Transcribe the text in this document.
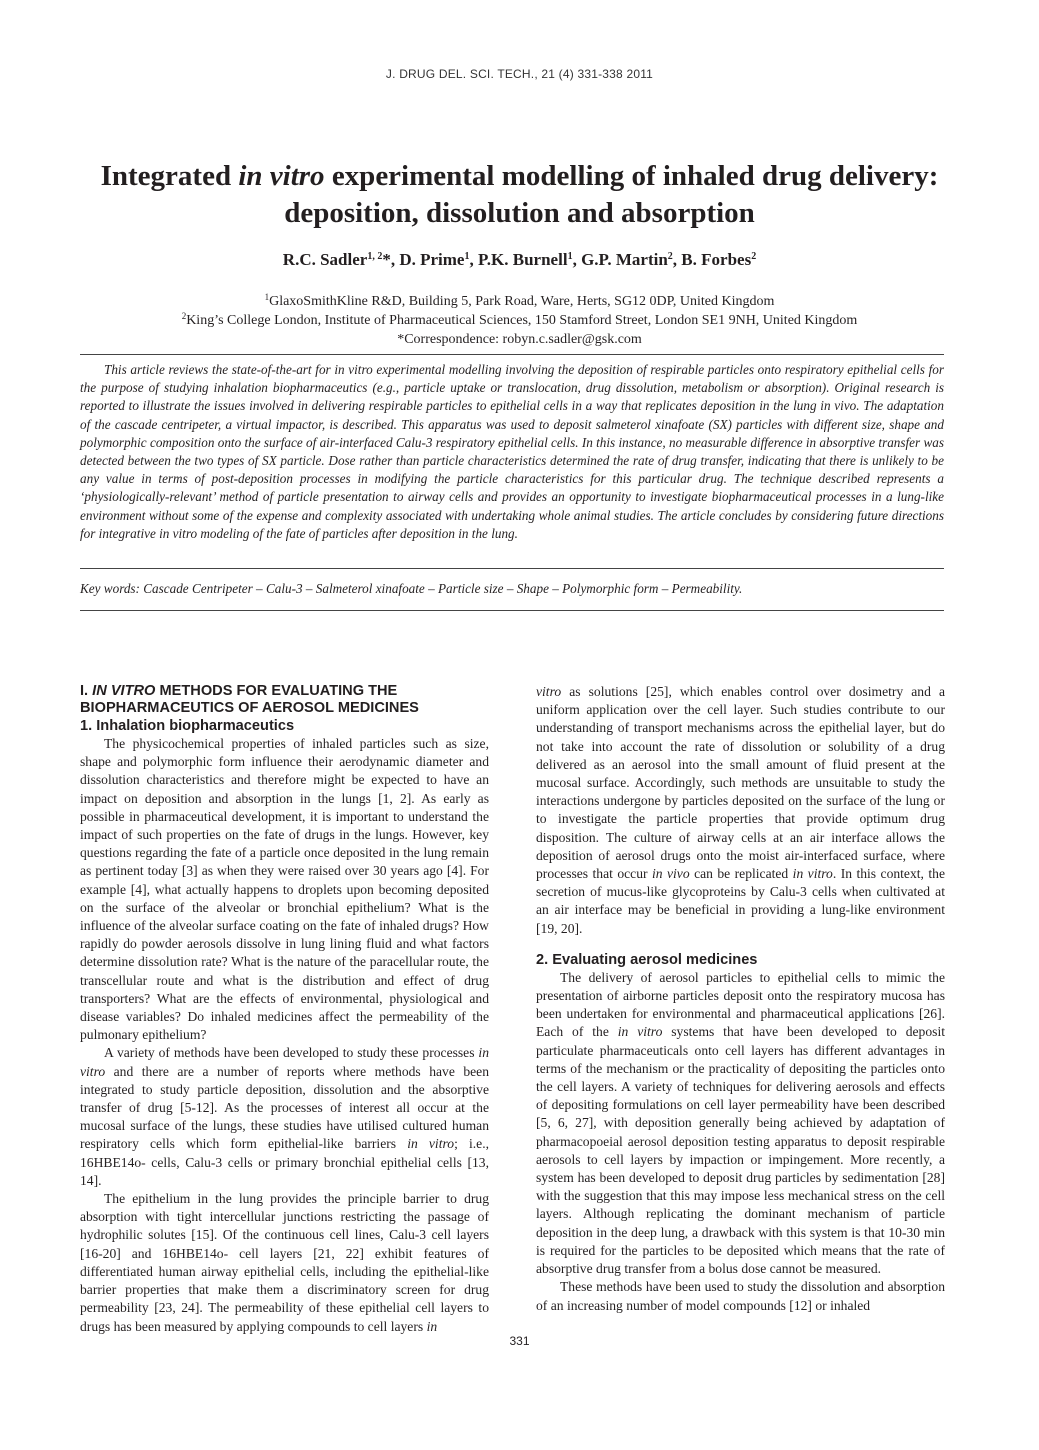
J. DRUG DEL. SCI. TECH., 21 (4) 331-338 2011
Integrated in vitro experimental modelling of inhaled drug delivery: deposition, dissolution and absorption
R.C. Sadler$^{1, 2}$*, D. Prime$^1$, P.K. Burnell$^1$, G.P. Martin$^2$, B. Forbes$^2$
$^1$GlaxoSmithKline R&D, Building 5, Park Road, Ware, Herts, SG12 0DP, United Kingdom
$^2$King’s College London, Institute of Pharmaceutical Sciences, 150 Stamford Street, London SE1 9NH, United Kingdom
*Correspondence: robyn.c.sadler@gsk.com
This article reviews the state-of-the-art for in vitro experimental modelling involving the deposition of respirable particles onto respiratory epithelial cells for the purpose of studying inhalation biopharmaceutics (e.g., particle uptake or translocation, drug dissolution, metabolism or absorption). Original research is reported to illustrate the issues involved in delivering respirable particles to epithelial cells in a way that replicates deposition in the lung in vivo. The adaptation of the cascade centripeter, a virtual impactor, is described. This apparatus was used to deposit salmeterol xinafoate (SX) particles with different size, shape and polymorphic composition onto the surface of air-interfaced Calu-3 respiratory epithelial cells. In this instance, no measurable difference in absorptive transfer was detected between the two types of SX particle. Dose rather than particle characteristics determined the rate of drug transfer, indicating that there is unlikely to be any value in terms of post-deposition processes in modifying the particle characteristics for this particular drug. The technique described represents a ‘physiologically-relevant’ method of particle presentation to airway cells and provides an opportunity to investigate biopharmaceutical processes in a lung-like environment without some of the expense and complexity associated with undertaking whole animal studies. The article concludes by considering future directions for integrative in vitro modeling of the fate of particles after deposition in the lung.
Key words: Cascade Centripeter – Calu-3 – Salmeterol xinafoate – Particle size – Shape – Polymorphic form – Permeability.
I. IN VITRO METHODS FOR EVALUATING THE BIOPHARMACEUTICS OF AEROSOL MEDICINES
1. Inhalation biopharmaceutics

The physicochemical properties of inhaled particles such as size, shape and polymorphic form influence their aerodynamic diameter and dissolution characteristics and therefore might be expected to have an impact on deposition and absorption in the lungs [1, 2]. As early as possible in pharmaceutical development, it is important to understand the impact of such properties on the fate of drugs in the lungs. However, key questions regarding the fate of a particle once deposited in the lung remain as pertinent today [3] as when they were raised over 30 years ago [4]. For example [4], what actually happens to droplets upon becoming deposited on the surface of the alveolar or bronchial epithelium? What is the influence of the alveolar surface coating on the fate of inhaled drugs? How rapidly do powder aerosols dissolve in lung lining fluid and what factors determine dissolution rate? What is the nature of the paracellular route, the transcellular route and what is the distribution and effect of drug transporters? What are the effects of environmental, physiological and disease variables? Do inhaled medicines affect the permeability of the pulmonary epithelium?

A variety of methods have been developed to study these processes in vitro and there are a number of reports where methods have been integrated to study particle deposition, dissolution and the absorptive transfer of drug [5-12]. As the processes of interest all occur at the mucosal surface of the lungs, these studies have utilised cultured human respiratory cells which form epithelial-like barriers in vitro; i.e., 16HBE14o- cells, Calu-3 cells or primary bronchial epithelial cells [13, 14].

The epithelium in the lung provides the principle barrier to drug absorption with tight intercellular junctions restricting the passage of hydrophilic solutes [15]. Of the continuous cell lines, Calu-3 cell layers [16-20] and 16HBE14o- cell layers [21, 22] exhibit features of differentiated human airway epithelial cells, including the epithelial-like barrier properties that make them a discriminatory screen for drug permeability [23, 24]. The permeability of these epithelial cell layers to drugs has been measured by applying compounds to cell layers in

vitro as solutions [25], which enables control over dosimetry and a uniform application over the cell layer. Such studies contribute to our understanding of transport mechanisms across the epithelial layer, but do not take into account the rate of dissolution or solubility of a drug delivered as an aerosol into the small amount of fluid present at the mucosal surface. Accordingly, such methods are unsuitable to study the interactions undergone by particles deposited on the surface of the lung or to investigate the particle properties that provide optimum drug disposition. The culture of airway cells at an air interface allows the deposition of aerosol drugs onto the moist air-interfaced surface, where processes that occur in vivo can be replicated in vitro. In this context, the secretion of mucus-like glycoproteins by Calu-3 cells when cultivated at an air interface may be beneficial in providing a lung-like environment [19, 20].

2. Evaluating aerosol medicines

The delivery of aerosol particles to epithelial cells to mimic the presentation of airborne particles deposit onto the respiratory mucosa has been undertaken for environmental and pharmaceutical applications [26]. Each of the in vitro systems that have been developed to deposit particulate pharmaceuticals onto cell layers has different advantages in terms of the mechanism or the practicality of depositing the particles onto the cell layers. A variety of techniques for delivering aerosols and effects of depositing formulations on cell layer permeability have been described [5, 6, 27], with deposition generally being achieved by adaptation of pharmacopoeial aerosol deposition testing apparatus to deposit respirable aerosols to cell layers by impaction or impingement. More recently, a system has been developed to deposit drug particles by sedimentation [28] with the suggestion that this may impose less mechanical stress on the cell layers. Although replicating the dominant mechanism of particle deposition in the deep lung, a drawback with this system is that 10-30 min is required for the particles to be deposited which means that the rate of absorptive drug transfer from a bolus dose cannot be measured.

These methods have been used to study the dissolution and absorption of an increasing number of model compounds [12] or inhaled

331
